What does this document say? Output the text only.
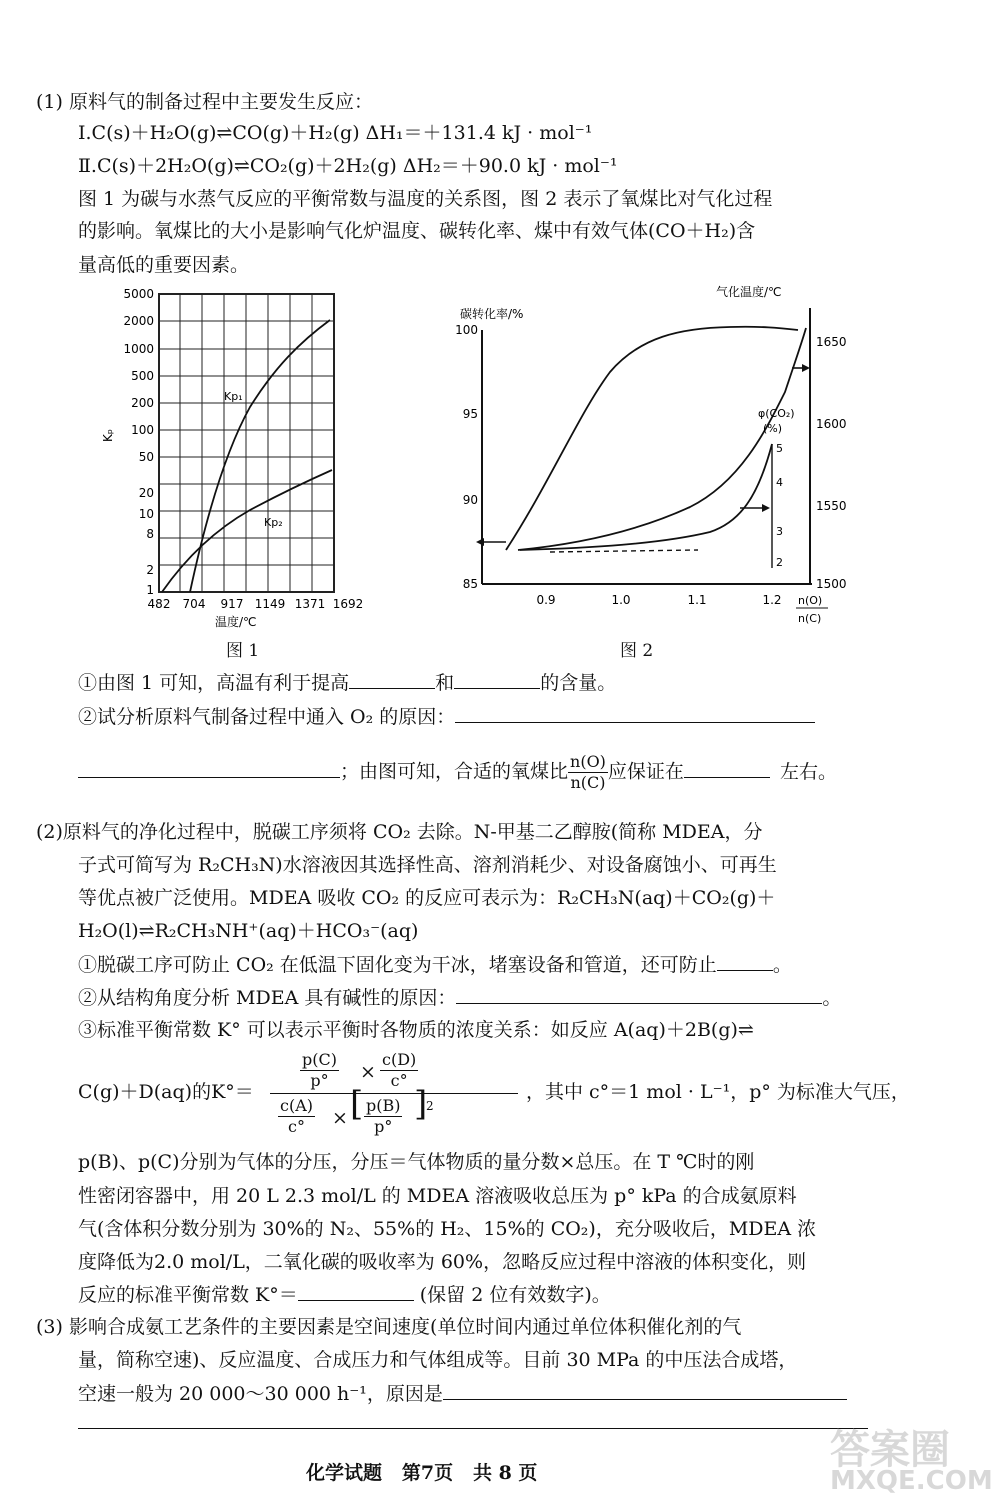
(1) 原料气的制备过程中主要发生反应：
Ⅰ.C(s)＋H₂O(g)⇌CO(g)＋H₂(g) ΔH₁＝＋131.4 kJ · mol⁻¹
Ⅱ.C(s)＋2H₂O(g)⇌CO₂(g)＋2H₂(g) ΔH₂＝＋90.0 kJ · mol⁻¹
图 1 为碳与水蒸气反应的平衡常数与温度的关系图，图 2 表示了氧煤比对气化过程
的影响。氧煤比的大小是影响气化炉温度、碳转化率、煤中有效气体(CO＋H₂)含
量高低的重要因素。
Kp₁
Kp₂
Kₚ
5000
2000
1000
500
200
100
50
20
10
8
2
1
482 704 917 1149 1371 1692
温度/℃
图 1
碳转化率/%
气化温度/℃
100
95
90
85
1650
1600
1550
1500
0.9	1.0	1.1	1.2 n(O)
n(C)
φ(CO₂)
(%)
5
4
3
2
图 2
①由图 1 可知，高温有利于提高	和	的含量。
②试分析原料气制备过程中通入 O₂ 的原因：
；由图可知，合适的氧煤比 $\frac{n(O)}{n(C)}$ 应保证在	左右。
(2)原料气的净化过程中，脱碳工序须将 CO₂ 去除。N-甲基二乙醇胺(简称 MDEA，分
子式可简写为 R₂CH₃N)水溶液因其选择性高、溶剂消耗少、对设备腐蚀小、可再生
等优点被广泛使用。MDEA 吸收 CO₂ 的反应可表示为：R₂CH₃N(aq)＋CO₂(g)＋
H₂O(l)⇌R₂CH₃NH⁺(aq)＋HCO₃⁻(aq)
①脱碳工序可防止 CO₂ 在低温下固化变为干冰，堵塞设备和管道，还可防止	。
②从结构角度分析 MDEA 具有碱性的原因：	。
③标准平衡常数 K° 可以表示平衡时各物质的浓度关系：如反应 A(aq)＋2B(g)⇌
C(g)＋D(aq)的K°＝
$\frac{p(C)}{p^\circ} \times \frac{c(D)}{c^\circ}$
$\frac{c(A)}{c^\circ}$ × [ $\frac{p(B)}{p^\circ}$ ]
2
，其中 c°＝1 mol · L⁻¹，p° 为标准大气压，
p(B)、p(C)分别为气体的分压，分压＝气体物质的量分数×总压。在 T ℃时的刚
性密闭容器中，用 20 L 2.3 mol/L 的 MDEA 溶液吸收总压为 p° kPa 的合成氨原料
气(含体积分数分别为 30%的 N₂、55%的 H₂、15%的 CO₂)，充分吸收后，MDEA 浓
度降低为2.0 mol/L，二氧化碳的吸收率为 60%，忽略反应过程中溶液的体积变化，则
反应的标准平衡常数 K°＝	(保留 2 位有效数字)。
(3) 影响合成氨工艺条件的主要因素是空间速度(单位时间内通过单位体积催化剂的气
量，简称空速)、反应温度、合成压力和气体组成等。目前 30 MPa 的中压法合成塔，
空速一般为 20 000～30 000 h⁻¹，原因是
化学试题 第7页 共 8 页	答案圈
MXQE.COM
